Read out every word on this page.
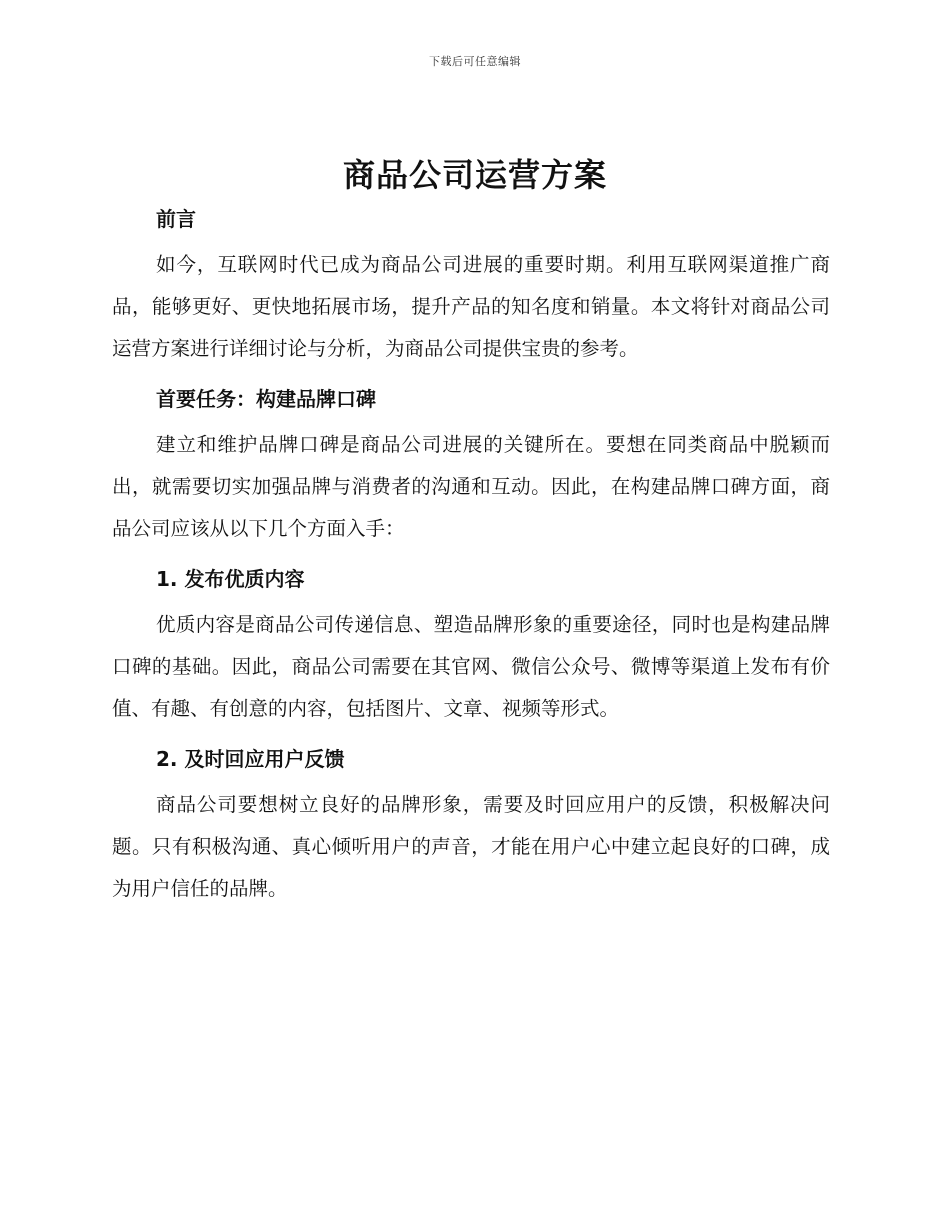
下载后可任意编辑
商品公司运营方案
前言

如今，互联网时代已成为商品公司进展的重要时期。利用互联网渠道推广商品，能够更好、更快地拓展市场，提升产品的知名度和销量。本文将针对商品公司运营方案进行详细讨论与分析，为商品公司提供宝贵的参考。

首要任务：构建品牌口碑

建立和维护品牌口碑是商品公司进展的关键所在。要想在同类商品中脱颖而出，就需要切实加强品牌与消费者的沟通和互动。因此，在构建品牌口碑方面，商品公司应该从以下几个方面入手：

1. 发布优质内容

优质内容是商品公司传递信息、塑造品牌形象的重要途径，同时也是构建品牌口碑的基础。因此，商品公司需要在其官网、微信公众号、微博等渠道上发布有价值、有趣、有创意的内容，包括图片、文章、视频等形式。

2. 及时回应用户反馈

商品公司要想树立良好的品牌形象，需要及时回应用户的反馈，积极解决问题。只有积极沟通、真心倾听用户的声音，才能在用户心中建立起良好的口碑，成为用户信任的品牌。
